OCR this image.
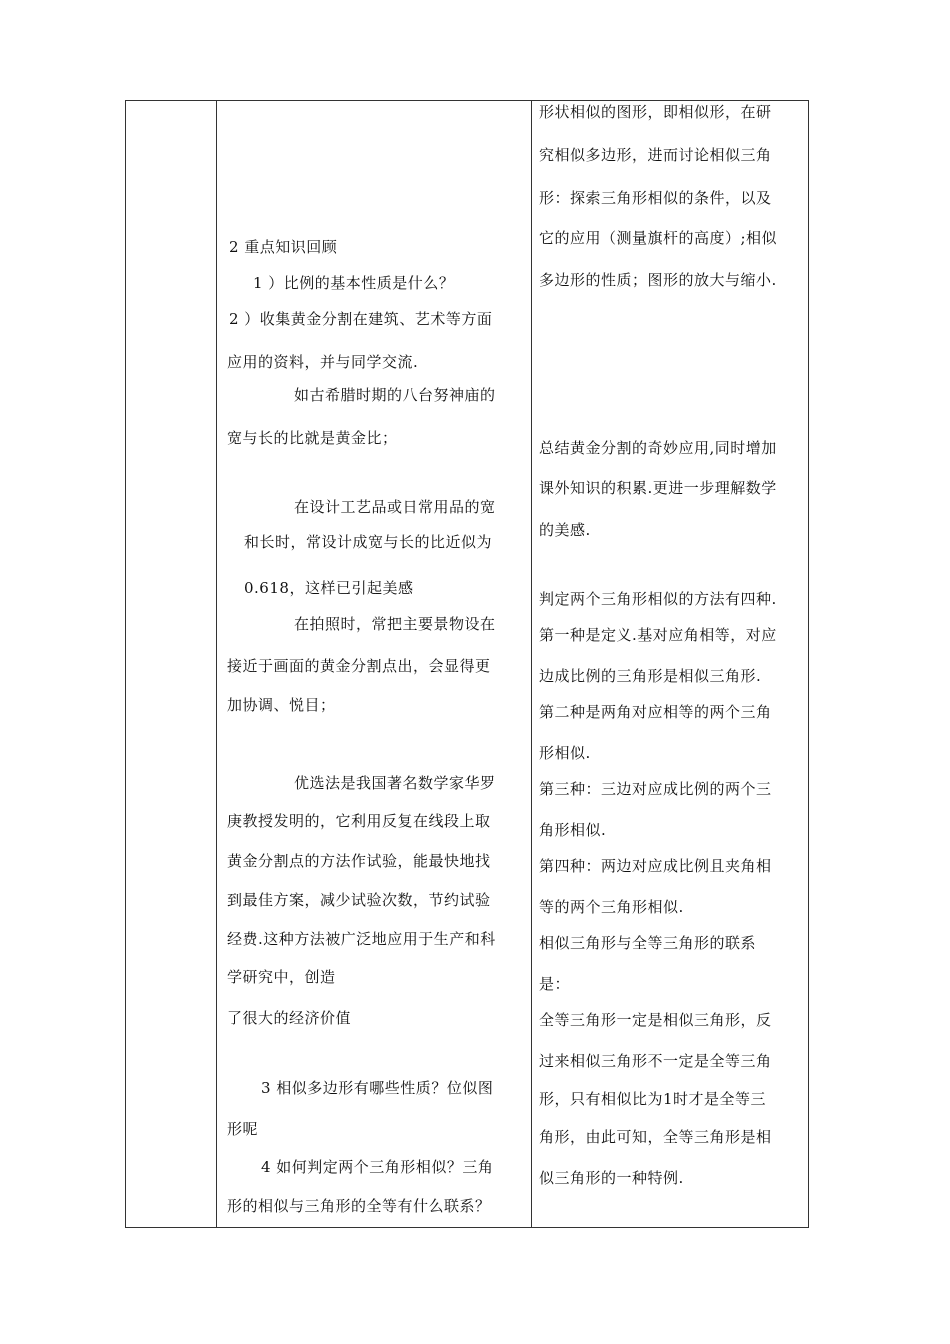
2 重点知识回顾
1 ）比例的基本性质是什么？
2 ）收集黄金分割在建筑、艺术等方面
应用的资料，并与同学交流.
如古希腊时期的八台努神庙的
宽与长的比就是黄金比；
在设计工艺品或日常用品的宽
和长时，常设计成宽与长的比近似为
0.618，这样已引起美感
在拍照时，常把主要景物设在
接近于画面的黄金分割点出，会显得更
加协调、悦目；
优选法是我国著名数学家华罗
庚教授发明的，它利用反复在线段上取
黄金分割点的方法作试验，能最快地找
到最佳方案，减少试验次数，节约试验
经费.这种方法被广泛地应用于生产和科
学研究中，创造
了很大的经济价值
3 相似多边形有哪些性质？位似图
形呢
4 如何判定两个三角形相似？三角
形的相似与三角形的全等有什么联系？
形状相似的图形，即相似形，在研
究相似多边形，进而讨论相似三角
形：探索三角形相似的条件，以及
它的应用（测量旗杆的高度）;相似
多边形的性质；图形的放大与缩小.
总结黄金分割的奇妙应用,同时增加
课外知识的积累.更进一步理解数学
的美感.
判定两个三角形相似的方法有四种.
第一种是定义.基对应角相等，对应
边成比例的三角形是相似三角形.
第二种是两角对应相等的两个三角
形相似.
第三种：三边对应成比例的两个三
角形相似.
第四种：两边对应成比例且夹角相
等的两个三角形相似.
相似三角形与全等三角形的联系
是：
全等三角形一定是相似三角形，反
过来相似三角形不一定是全等三角
形，只有相似比为1时才是全等三
角形，由此可知，全等三角形是相
似三角形的一种特例.
